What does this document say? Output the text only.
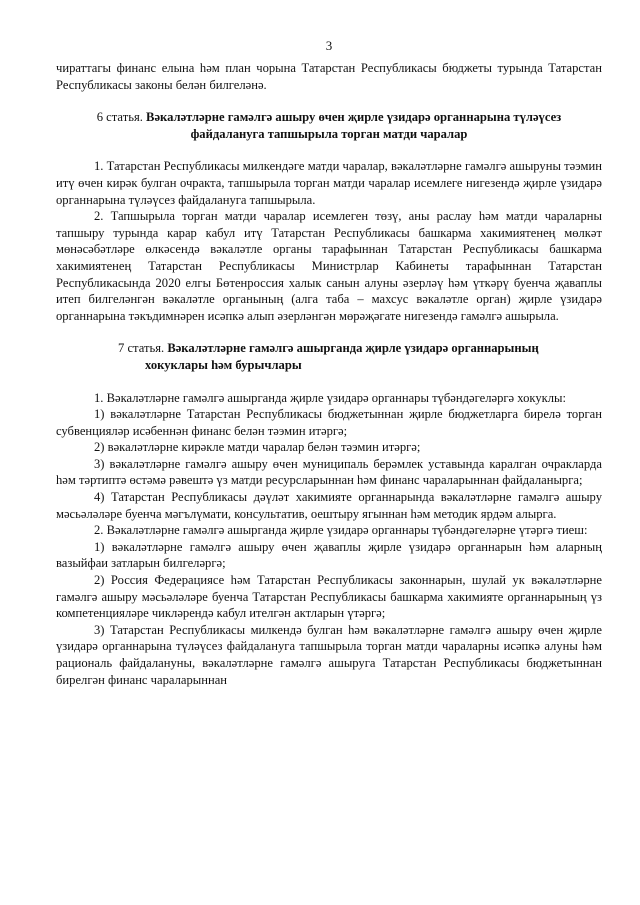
3

чираттагы финанс елына һәм план чорына Татарстан Республикасы бюджеты турында Татарстан Республикасы законы белән билгеләнә.

6 статья. Вәкаләтләрне гамәлгә ашыру өчен җирле үзидарә органнарына түләүсез файдалануга тапшырыла торган матди чаралар

1. Татарстан Республикасы милкендәге матди чаралар, вәкаләтләрне гамәлгә ашыруны тәэмин итү өчен кирәк булган очракта, тапшырыла торган матди чаралар исемлеге нигезендә җирле үзидарә органнарына түләүсез файдалануга тапшырыла.

2. Тапшырыла торган матди чаралар исемлеген төзү, аны раслау һәм матди чараларны тапшыру турында карар кабул итү Татарстан Республикасы башкарма хакимиятенең мөлкәт мөнәсәбәтләре өлкәсендә вәкаләтле органы тарафыннан Татарстан Республикасы башкарма хакимиятенең Татарстан Республикасы Министрлар Кабинеты тарафыннан Татарстан Республикасында 2020 елгы Бөтенроссия халык санын алуны әзерләү һәм үткәрү буенча җаваплы итеп билгеләнгән вәкаләтле органының (алга таба – махсус вәкаләтле орган) җирле үзидарә органнарына тәкъдимнәрен исәпкә алып әзерләнгән мөрәҗәгате нигезендә гамәлгә ашырыла.

7 статья. Вәкаләтләрне гамәлгә ашырганда җирле үзидарә органнарының
хокуклары һәм бурычлары

1. Вәкаләтләрне гамәлгә ашырганда җирле үзидарә органнары түбәндәгеләргә хокуклы:

1) вәкаләтләрне Татарстан Республикасы бюджетыннан җирле бюджетларга бирелә торган субвенцияләр исәбеннән финанс белән тәэмин итәргә;

2) вәкаләтләрне кирәкле матди чаралар белән тәэмин итәргә;

3) вәкаләтләрне гамәлгә ашыру өчен муниципаль берәмлек уставында каралган очракларда һәм тәртиптә өстәмә рәвештә үз матди ресурсларыннан һәм финанс чараларыннан файдаланырга;

4) Татарстан Республикасы дәүләт хакимияте органнарында вәкаләтләрне гамәлгә ашыру мәсьәләләре буенча мәгълүмати, консультатив, оештыру ягыннан һәм методик ярдәм алырга.

2. Вәкаләтләрне гамәлгә ашырганда җирле үзидарә органнары түбәндәгеләрне үтәргә тиеш:

1) вәкаләтләрне гамәлгә ашыру өчен җаваплы җирле үзидарә органнарын һәм аларның вазыйфаи затларын билгеләргә;

2) Россия Федерациясе һәм Татарстан Республикасы законнарын, шулай ук вәкаләтләрне гамәлгә ашыру мәсьәләләре буенча Татарстан Республикасы башкарма хакимияте органнарының үз компетенцияләре чикләрендә кабул ителгән актларын үтәргә;

3) Татарстан Республикасы милкендә булган һәм вәкаләтләрне гамәлгә ашыру өчен җирле үзидарә органнарына түләүсез файдалануга тапшырыла торган матди чараларны исәпкә алуны һәм рациональ файдалануны, вәкаләтләрне гамәлгә ашыруга Татарстан Республикасы бюджетыннан бирелгән финанс чараларыннан
